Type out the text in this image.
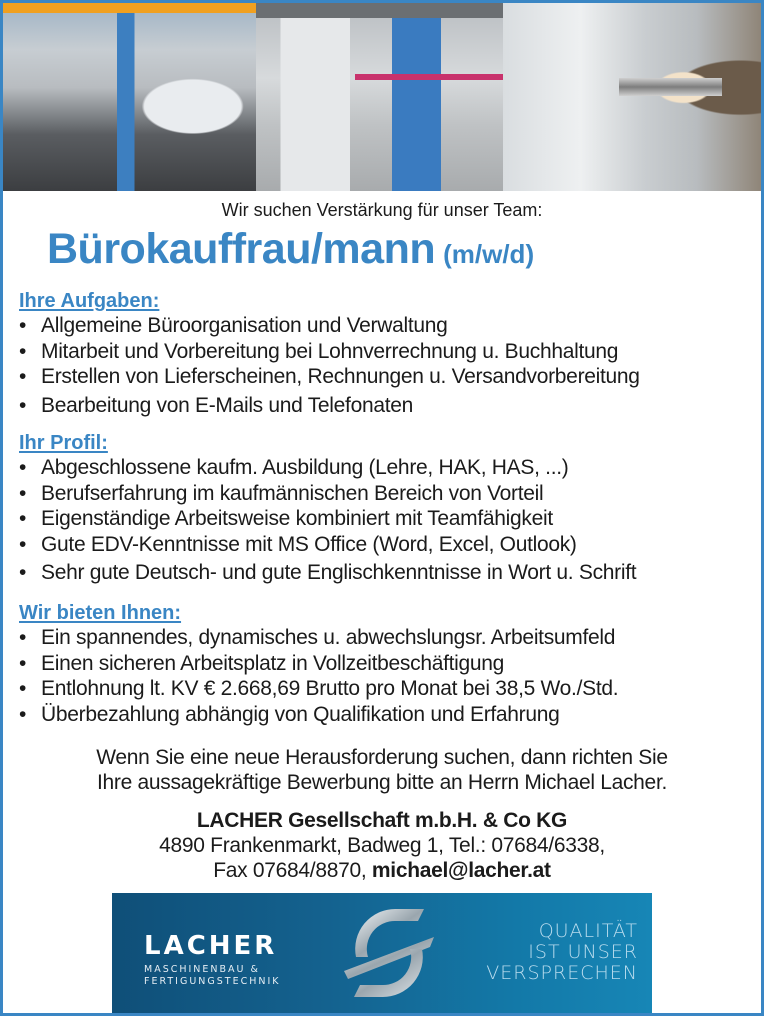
Wir suchen Verstärkung für unser Team:
Bürokauffrau/mann (m/w/d)
Ihre Aufgaben:
• Allgemeine Büroorganisation und Verwaltung
• Mitarbeit und Vorbereitung bei Lohnverrechnung u. Buchhaltung
• Erstellen von Lieferscheinen, Rechnungen u. Versandvorbereitung
• Bearbeitung von E-Mails und Telefonaten
Ihr Profil:
• Abgeschlossene kaufm. Ausbildung (Lehre, HAK, HAS, ...)
• Berufserfahrung im kaufmännischen Bereich von Vorteil
• Eigenständige Arbeitsweise kombiniert mit Teamfähigkeit
• Gute EDV-Kenntnisse mit MS Office (Word, Excel, Outlook)
• Sehr gute Deutsch- und gute Englischkenntnisse in Wort u. Schrift
Wir bieten Ihnen:
• Ein spannendes, dynamisches u. abwechslungsr. Arbeitsumfeld
• Einen sicheren Arbeitsplatz in Vollzeitbeschäftigung
• Entlohnung lt. KV € 2.668,69 Brutto pro Monat bei 38,5 Wo./Std.
• Überbezahlung abhängig von Qualifikation und Erfahrung
Wenn Sie eine neue Herausforderung suchen, dann richten Sie
Ihre aussagekräftige Bewerbung bitte an Herrn Michael Lacher.
LACHER Gesellschaft m.b.H. & Co KG
4890 Frankenmarkt, Badweg 1, Tel.: 07684/6338,
Fax 07684/8870, michael@lacher.at
LACHER
MASCHINENBAU &
FERTIGUNGSTECHNIK
QUALITÄT
IST UNSER
VERSPRECHEN
